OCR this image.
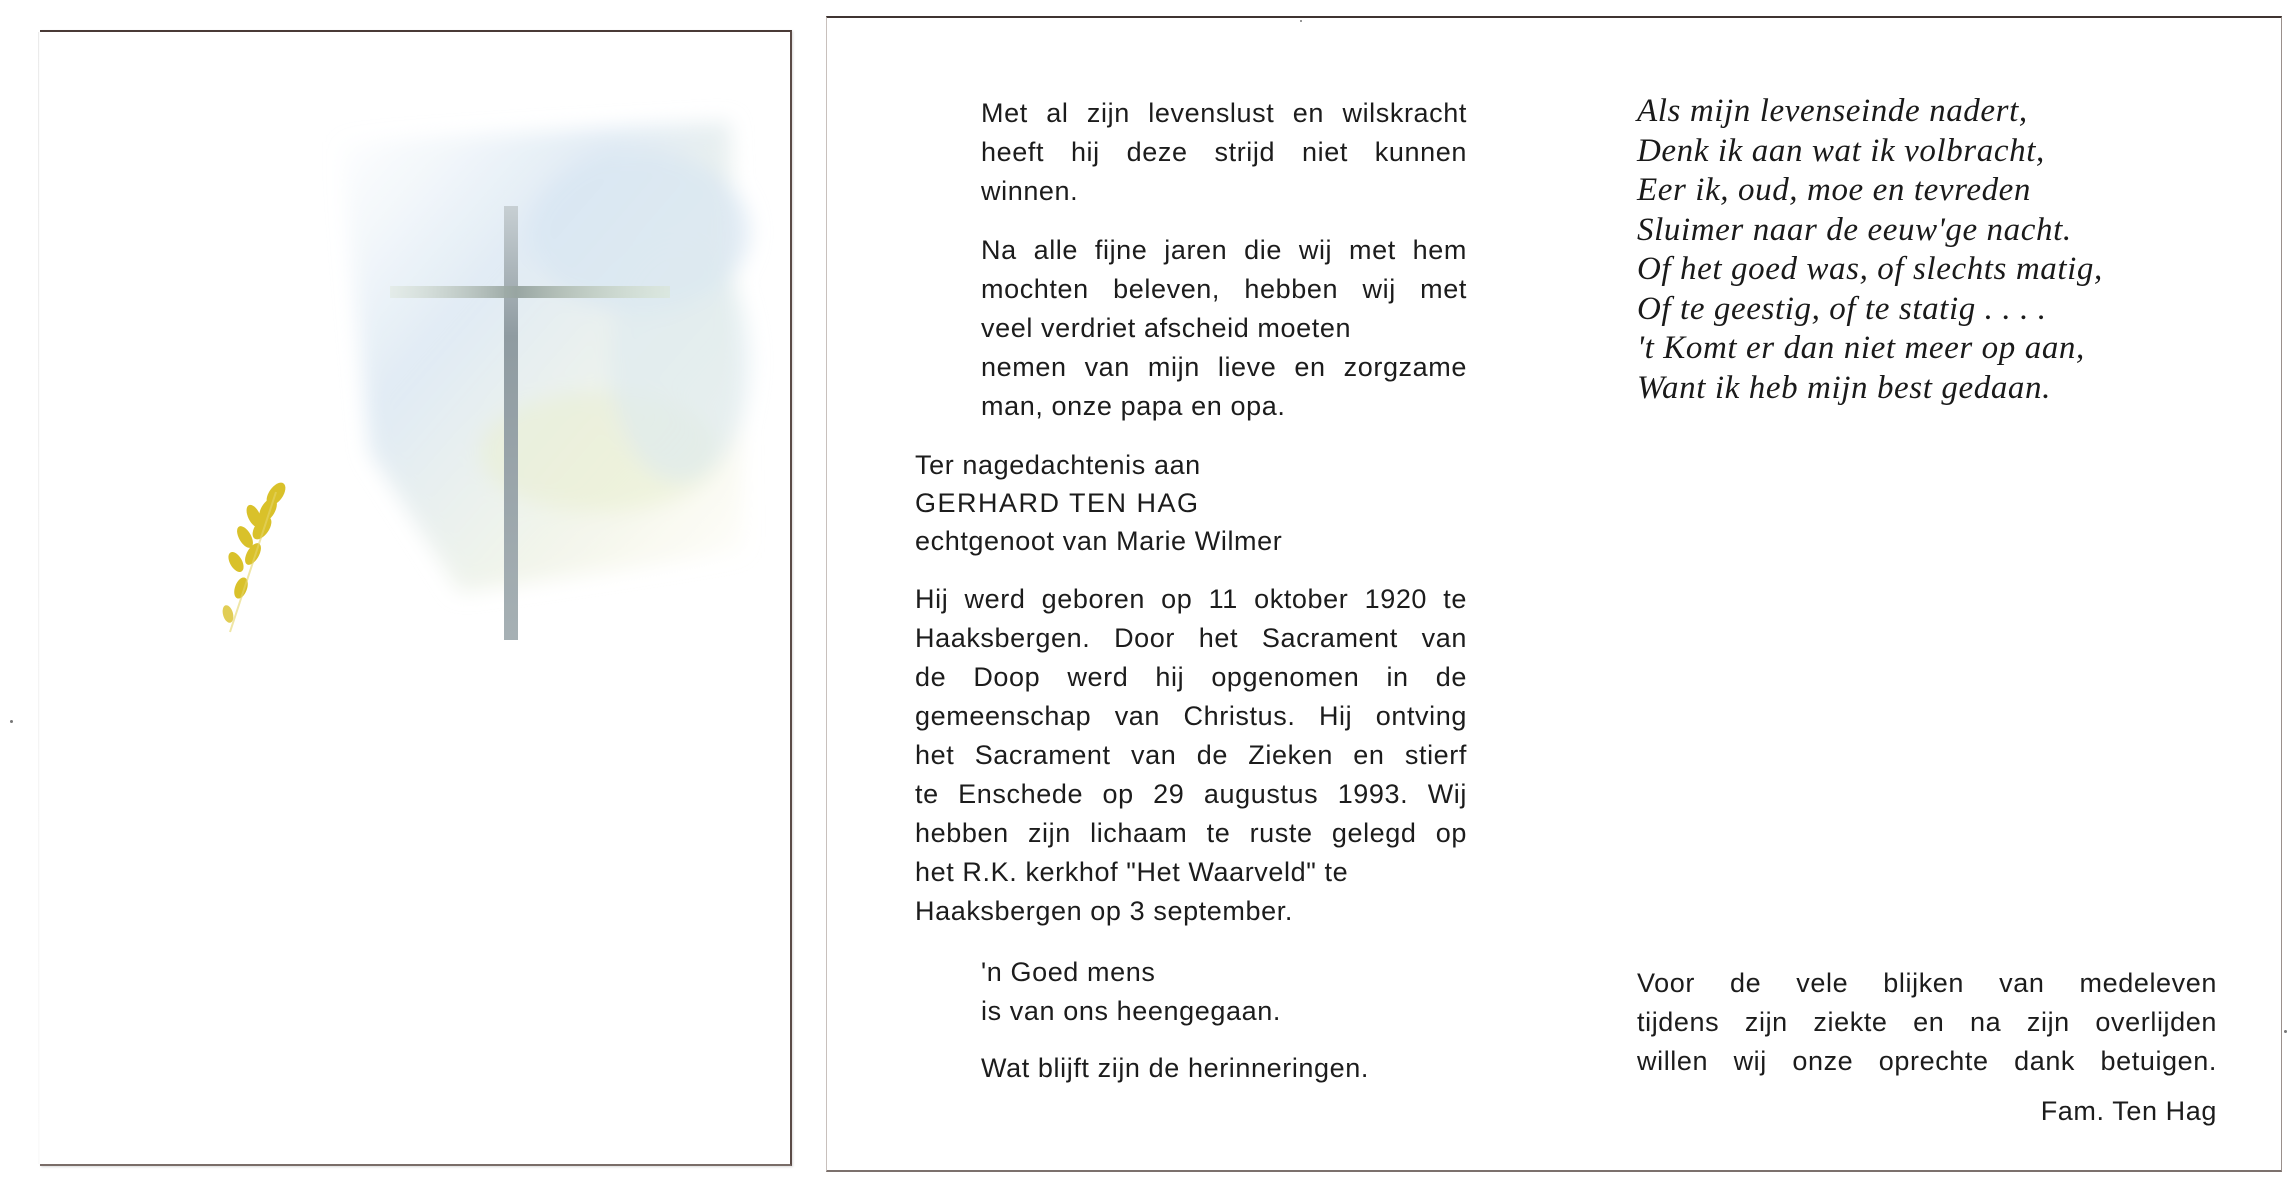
Met al zijn levenslust en wilskracht
heeft hij deze strijd niet kunnen
winnen.
Na alle fijne jaren die wij met hem
mochten beleven, hebben wij met
veel verdriet afscheid moeten
nemen van mijn lieve en zorgzame
man, onze papa en opa.
Ter nagedachtenis aan
GERHARD TEN HAG
echtgenoot van Marie Wilmer
Hij werd geboren op 11 oktober 1920 te
Haaksbergen. Door het Sacrament van
de Doop werd hij opgenomen in de
gemeenschap van Christus. Hij ontving
het Sacrament van de Zieken en stierf
te Enschede op 29 augustus 1993. Wij
hebben zijn lichaam te ruste gelegd op
het R.K. kerkhof "Het Waarveld" te
Haaksbergen op 3 september.
'n Goed mens
is van ons heengegaan.
Wat blijft zijn de herinneringen.
Als mijn levenseinde nadert,
Denk ik aan wat ik volbracht,
Eer ik, oud, moe en tevreden
Sluimer naar de eeuw'ge nacht.
Of het goed was, of slechts matig,
Of te geestig, of te statig . . . .
't Komt er dan niet meer op aan,
Want ik heb mijn best gedaan.
Voor de vele blijken van medeleven
tijdens zijn ziekte en na zijn overlijden
willen wij onze oprechte dank betuigen.
Fam. Ten Hag
